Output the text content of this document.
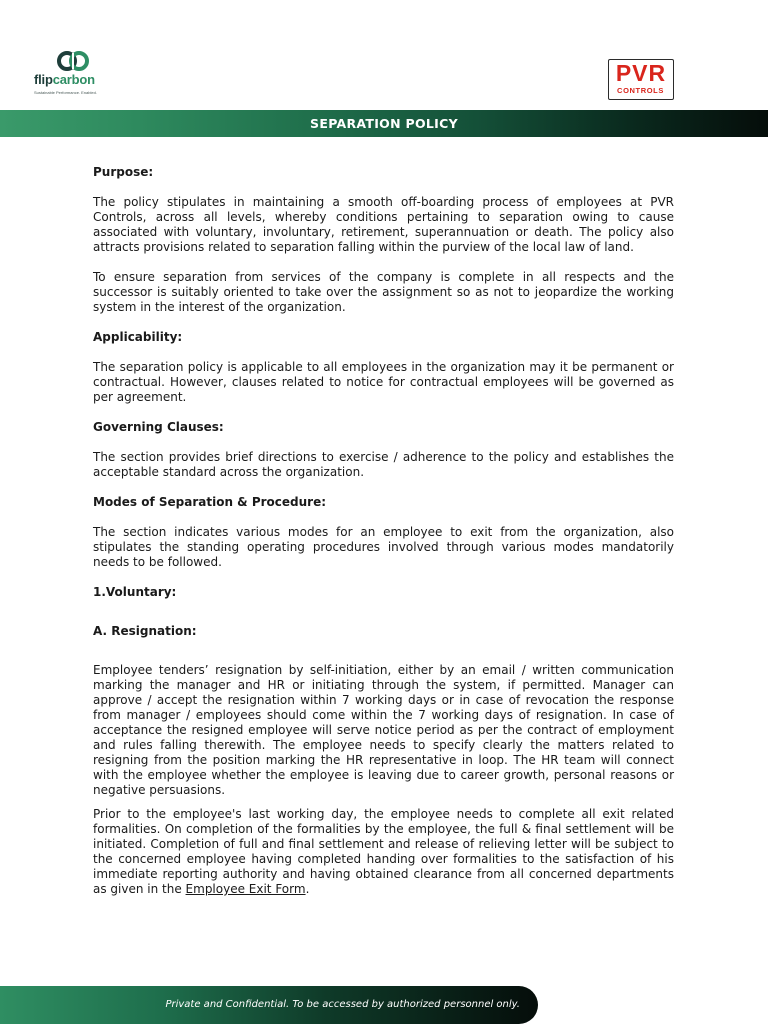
flipcarbon
Sustainable Performance. Enabled.
PVR
CONTROLS
SEPARATION POLICY
Purpose:
The policy stipulates in maintaining a smooth off-boarding process of employees at PVR Controls, across all levels, whereby conditions pertaining to separation owing to cause associated with voluntary, involuntary, retirement, superannuation or death. The policy also attracts provisions related to separation falling within the purview of the local law of land.
To ensure separation from services of the company is complete in all respects and the successor is suitably oriented to take over the assignment so as not to jeopardize the working system in the interest of the organization.
Applicability:
The separation policy is applicable to all employees in the organization may it be permanent or contractual. However, clauses related to notice for contractual employees will be governed as per agreement.
Governing Clauses:
The section provides brief directions to exercise / adherence to the policy and establishes the acceptable standard across the organization.
Modes of Separation & Procedure:
The section indicates various modes for an employee to exit from the organization, also stipulates the standing operating procedures involved through various modes mandatorily needs to be followed.
1.Voluntary:
A. Resignation:
Employee tenders’ resignation by self-initiation, either by an email / written communication marking the manager and HR or initiating through the system, if permitted. Manager can approve / accept the resignation within 7 working days or in case of revocation the response from manager / employees should come within the 7 working days of resignation. In case of acceptance the resigned employee will serve notice period as per the contract of employment and rules falling therewith. The employee needs to specify clearly the matters related to resigning from the position marking the HR representative in loop. The HR team will connect with the employee whether the employee is leaving due to career growth, personal reasons or negative persuasions.
Prior to the employee's last working day, the employee needs to complete all exit related formalities. On completion of the formalities by the employee, the full & final settlement will be initiated. Completion of full and final settlement and release of relieving letter will be subject to the concerned employee having completed handing over formalities to the satisfaction of his immediate reporting authority and having obtained clearance from all concerned departments as given in the Employee Exit Form.
Private and Confidential. To be accessed by authorized personnel only.
